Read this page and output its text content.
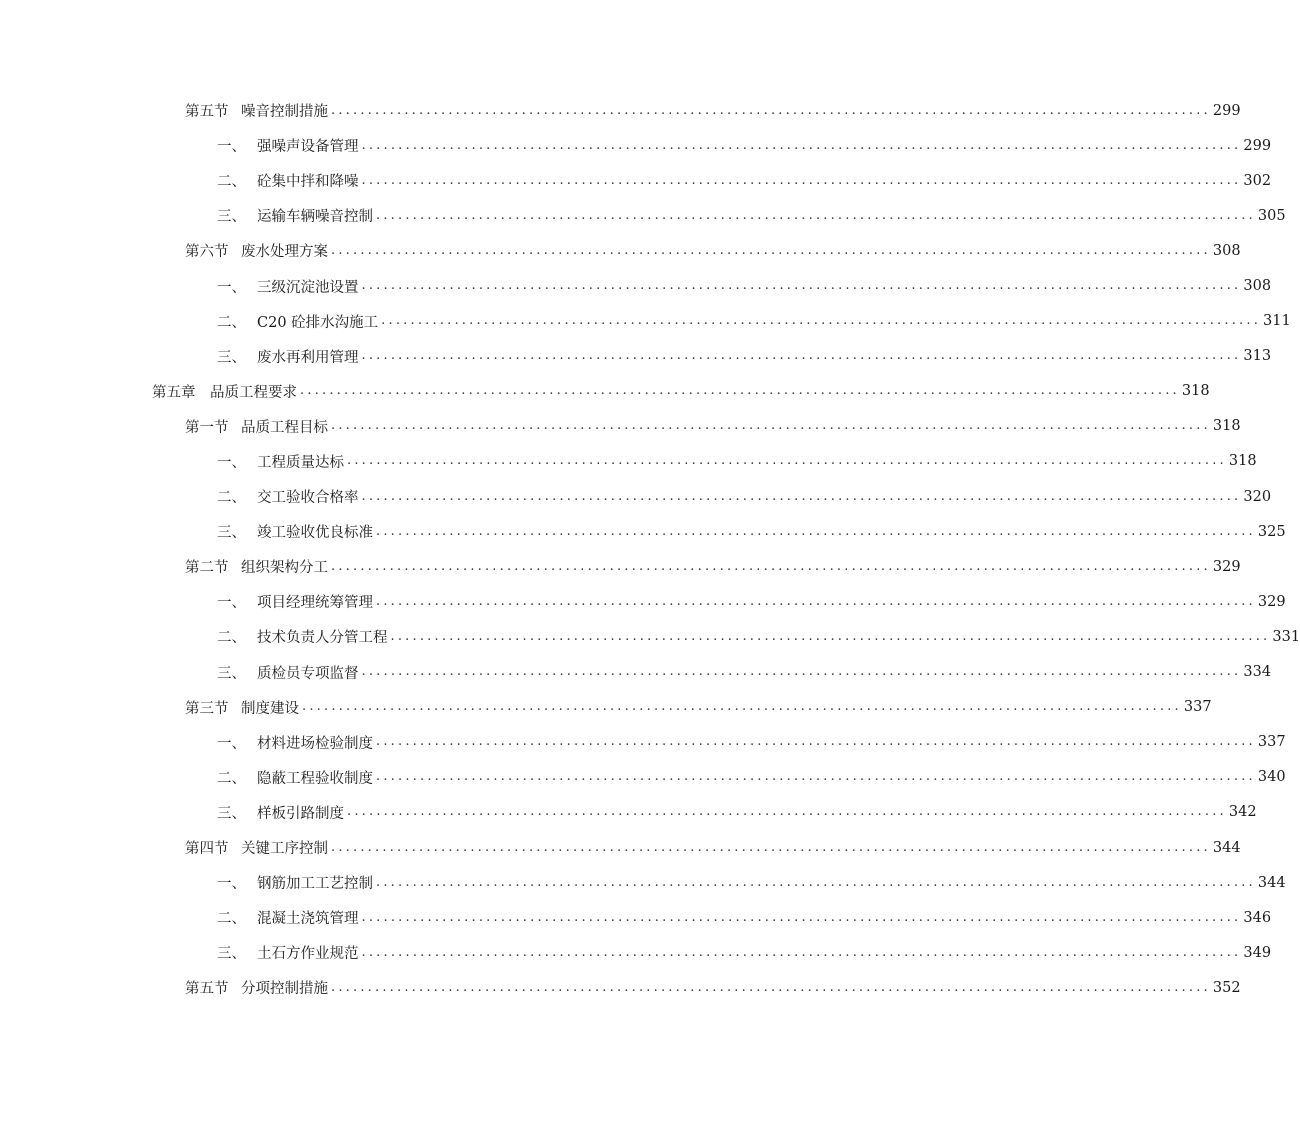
第五节 噪音控制措施 ........................................................................................................................ 299
一、 强噪声设备管理 ........................................................................................................................ 299
二、 砼集中拌和降噪 ........................................................................................................................ 302
三、 运输车辆噪音控制 ........................................................................................................................ 305
第六节 废水处理方案 ........................................................................................................................ 308
一、 三级沉淀池设置 ........................................................................................................................ 308
二、 C20 砼排水沟施工 ........................................................................................................................ 311
三、 废水再利用管理 ........................................................................................................................ 313
第五章	品质工程要求 ........................................................................................................................ 318
第一节 品质工程目标 ........................................................................................................................ 318
一、 工程质量达标 ........................................................................................................................ 318
二、 交工验收合格率 ........................................................................................................................ 320
三、 竣工验收优良标准 ........................................................................................................................ 325
第二节 组织架构分工 ........................................................................................................................ 329
一、 项目经理统筹管理 ........................................................................................................................ 329
二、 技术负责人分管工程 ........................................................................................................................ 331
三、 质检员专项监督 ........................................................................................................................ 334
第三节 制度建设 ........................................................................................................................ 337
一、 材料进场检验制度 ........................................................................................................................ 337
二、 隐蔽工程验收制度 ........................................................................................................................ 340
三、 样板引路制度 ........................................................................................................................ 342
第四节 关键工序控制 ........................................................................................................................ 344
一、 钢筋加工工艺控制 ........................................................................................................................ 344
二、 混凝土浇筑管理 ........................................................................................................................ 346
三、 土石方作业规范 ........................................................................................................................ 349
第五节 分项控制措施 ........................................................................................................................ 352
